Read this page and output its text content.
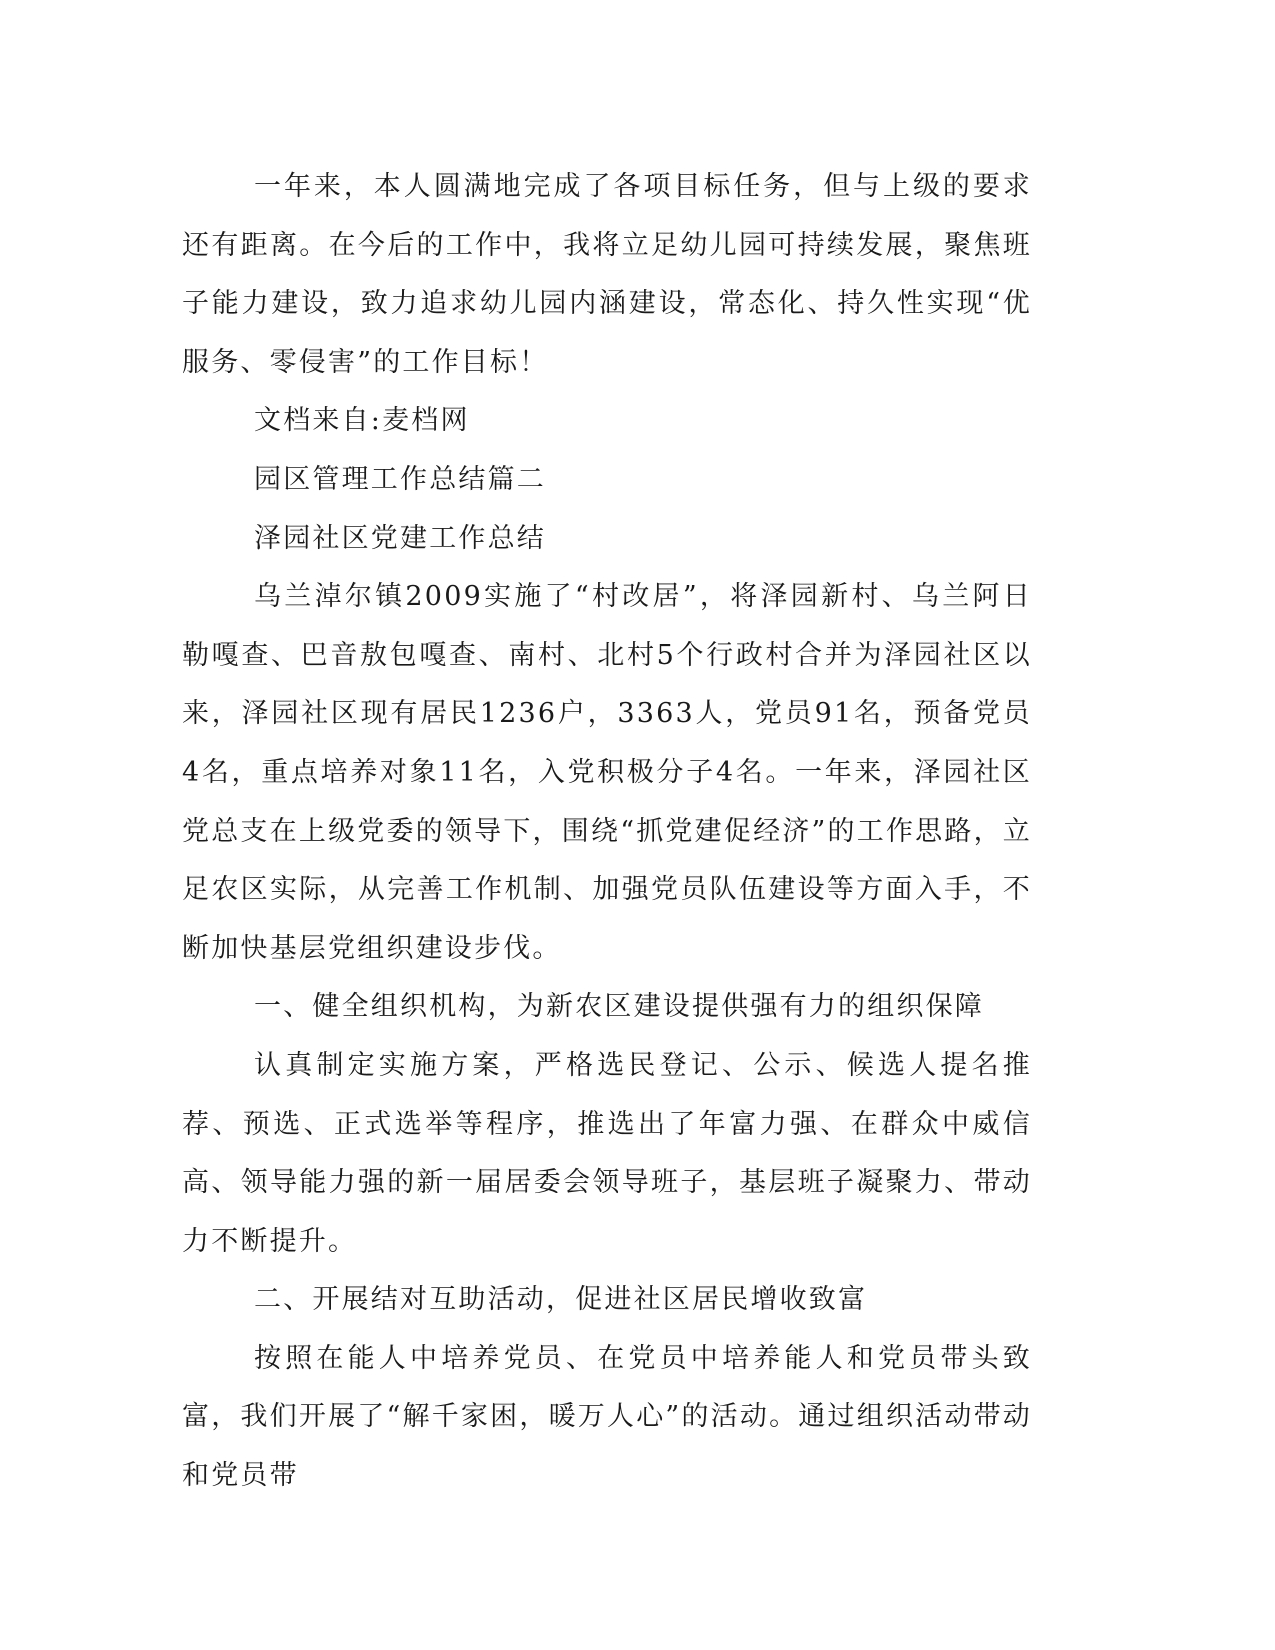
一年来，本人圆满地完成了各项目标任务，但与上级的要求还有距离。在今后的工作中，我将立足幼儿园可持续发展，聚焦班子能力建设，致力追求幼儿园内涵建设，常态化、持久性实现“优服务、零侵害”的工作目标！

文档来自:麦档网

园区管理工作总结篇二

泽园社区党建工作总结

乌兰淖尔镇2009实施了“村改居”，将泽园新村、乌兰阿日勒嘎查、巴音敖包嘎查、南村、北村5个行政村合并为泽园社区以来，泽园社区现有居民1236户，3363人，党员91名，预备党员4名，重点培养对象11名，入党积极分子4名。一年来，泽园社区党总支在上级党委的领导下，围绕“抓党建促经济”的工作思路，立足农区实际，从完善工作机制、加强党员队伍建设等方面入手，不断加快基层党组织建设步伐。

一、健全组织机构，为新农区建设提供强有力的组织保障

认真制定实施方案，严格选民登记、公示、候选人提名推荐、预选、正式选举等程序，推选出了年富力强、在群众中威信高、领导能力强的新一届居委会领导班子，基层班子凝聚力、带动力不断提升。

二、开展结对互助活动，促进社区居民增收致富

按照在能人中培养党员、在党员中培养能人和党员带头致富，我们开展了“解千家困，暖万人心”的活动。通过组织活动带动和党员带
